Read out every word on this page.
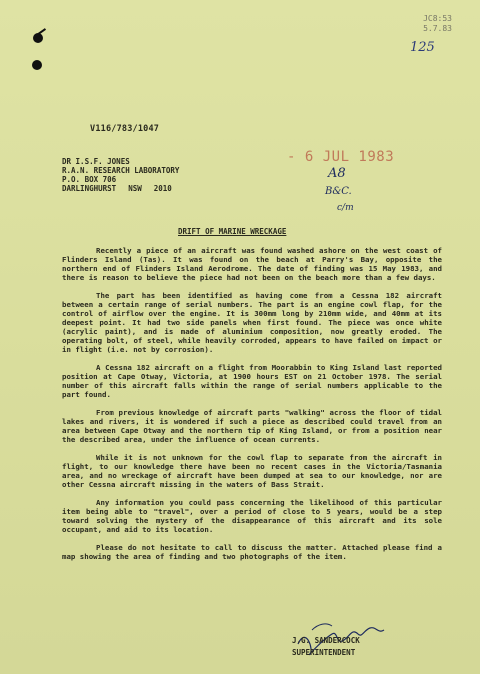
JC8:53
5.7.83
125
V116/783/1047
DR I.S.F. JONES
R.A.N. RESEARCH LABORATORY
P.O. BOX 706
DARLINGHURST NSW 2010
- 6 JUL 1983
A8
B&C.
c/m
DRIFT OF MARINE WRECKAGE

Recently a piece of an aircraft was found washed ashore on the west coast of Flinders Island (Tas). It was found on the beach at Parry's Bay, opposite the northern end of Flinders Island Aerodrome. The date of finding was 15 May 1983, and there is reason to believe the piece had not been on the beach more than a few days.

The part has been identified as having come from a Cessna 182 aircraft between a certain range of serial numbers. The part is an engine cowl flap, for the control of airflow over the engine. It is 300mm long by 210mm wide, and 40mm at its deepest point. It had two side panels when first found. The piece was once white (acrylic paint), and is made of aluminium composition, now greatly eroded. The operating bolt, of steel, while heavily corroded, appears to have failed on impact or in flight (i.e. not by corrosion).

A Cessna 182 aircraft on a flight from Moorabbin to King Island last reported position at Cape Otway, Victoria, at 1900 hours EST on 21 October 1978. The serial number of this aircraft falls within the range of serial numbers applicable to the part found.

From previous knowledge of aircraft parts "walking" across the floor of tidal lakes and rivers, it is wondered if such a piece as described could travel from an area between Cape Otway and the northern tip of King Island, or from a position near the described area, under the influence of ocean currents.

While it is not unknown for the cowl flap to separate from the aircraft in flight, to our knowledge there have been no recent cases in the Victoria/Tasmania area, and no wreckage of aircraft have been dumped at sea to our knowledge, nor are other Cessna aircraft missing in the waters of Bass Strait.

Any information you could pass concerning the likelihood of this particular item being able to "travel", over a period of close to 5 years, would be a step toward solving the mystery of the disappearance of this aircraft and its sole occupant, and aid to its location.

Please do not hesitate to call to discuss the matter. Attached please find a map showing the area of finding and two photographs of the item.

J.G. SANDERCOCK
SUPERINTENDENT
